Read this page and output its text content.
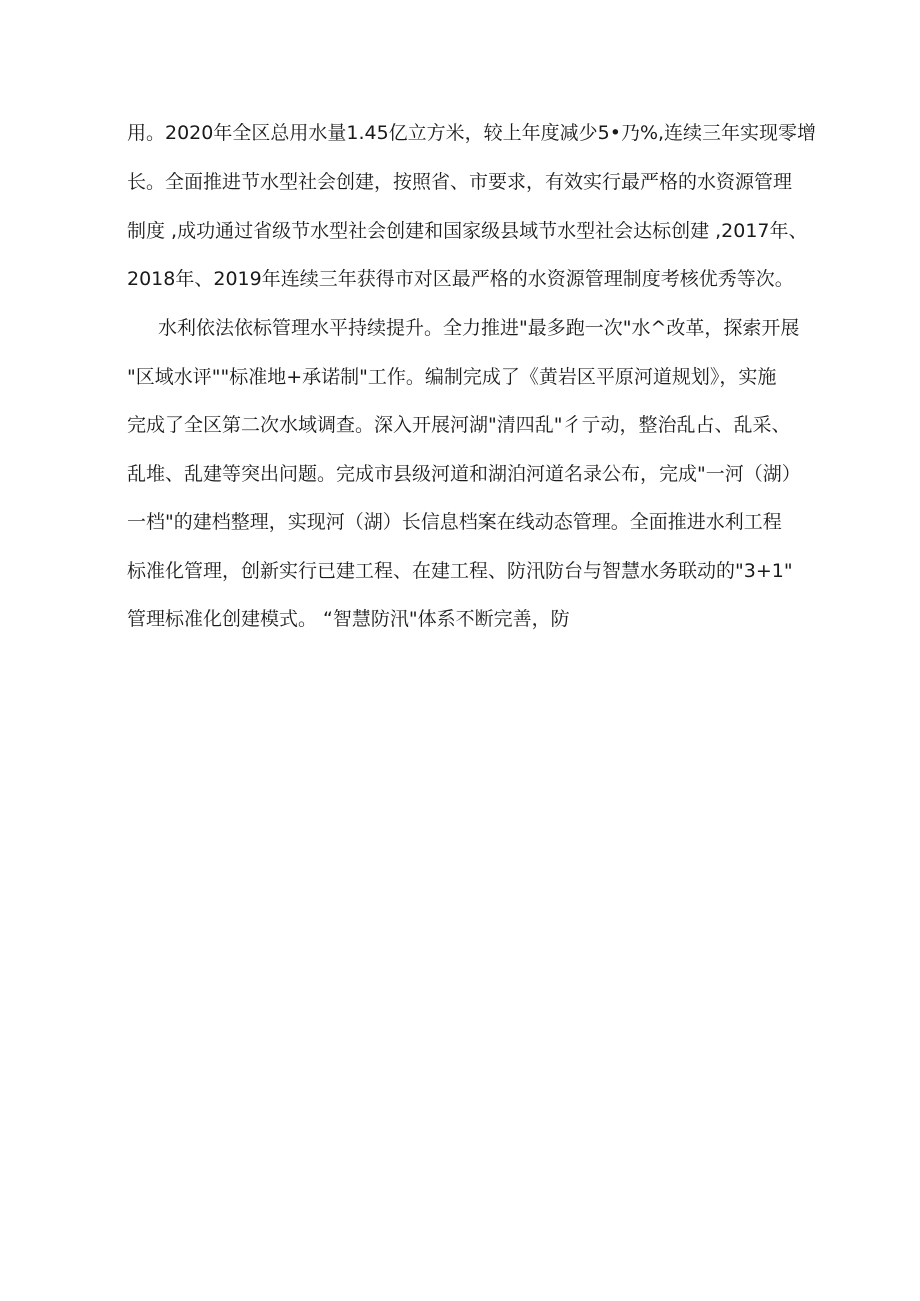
用。2020年全区总用水量1.45亿立方米，较上年度减少5•乃%,连续三年实现零增
长。全面推进节水型社会创建，按照省、市要求，有效实行最严格的水资源管理
制度 ,成功通过省级节水型社会创建和国家级县域节水型社会达标创建 ,2017年、
2018年、2019年连续三年获得市对区最严格的水资源管理制度考核优秀等次。
水利依法依标管理水平持续提升。全力推进"最多跑一次"水^改革，探索开展
"区域水评""标准地+承诺制"工作。编制完成了《黄岩区平原河道规划》，实施
完成了全区第二次水域调查。深入开展河湖"清四乱"彳亍动，整治乱占、乱采、
乱堆、乱建等突出问题。完成市县级河道和湖泊河道名录公布，完成"一河（湖）
一档"的建档整理，实现河（湖）长信息档案在线动态管理。全面推进水利工程
标准化管理，创新实行已建工程、在建工程、防汛防台与智慧水务联动的"3+1"
管理标准化创建模式。 “智慧防汛"体系不断完善，防
